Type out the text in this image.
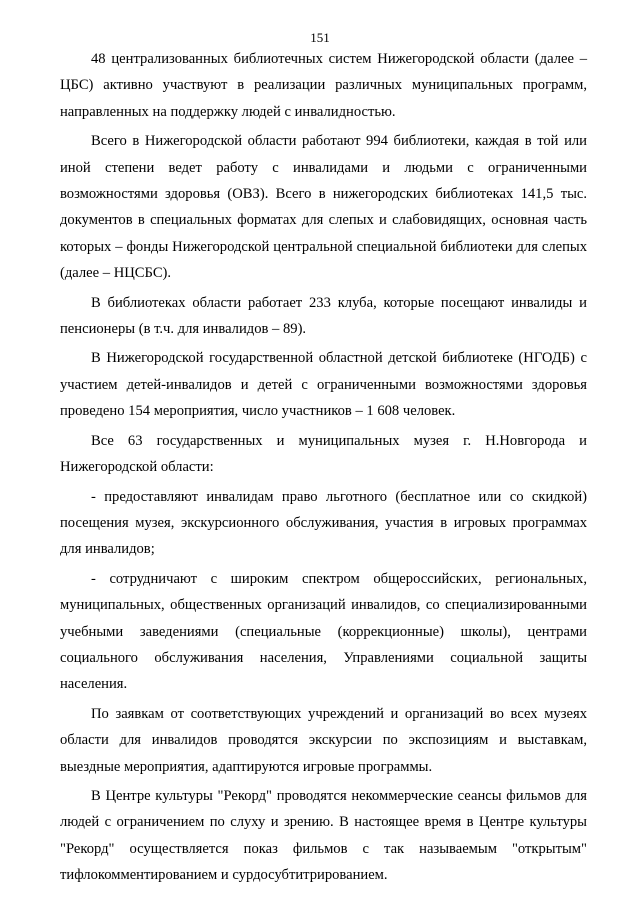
151

48 централизованных библиотечных систем Нижегородской области (далее – ЦБС) активно участвуют в реализации различных муниципальных программ, направленных на поддержку людей с инвалидностью.

Всего в Нижегородской области работают 994 библиотеки, каждая в той или иной степени ведет работу с инвалидами и людьми с ограниченными возможностями здоровья (ОВЗ). Всего в нижегородских библиотеках 141,5 тыс. документов в специальных форматах для слепых и слабовидящих, основная часть которых – фонды Нижегородской центральной специальной библиотеки для слепых (далее – НЦСБС).

В библиотеках области работает 233 клуба, которые посещают инвалиды и пенсионеры (в т.ч. для инвалидов – 89).

В Нижегородской государственной областной детской библиотеке (НГОДБ) с участием детей-инвалидов и детей с ограниченными возможностями здоровья проведено 154 мероприятия, число участников – 1 608 человек.

Все 63 государственных и муниципальных музея г. Н.Новгорода и Нижегородской области:

- предоставляют инвалидам право льготного (бесплатное или со скидкой) посещения музея, экскурсионного обслуживания, участия в игровых программах для инвалидов;

- сотрудничают с широким спектром общероссийских, региональных, муниципальных, общественных организаций инвалидов, со специализированными учебными заведениями (специальные (коррекционные) школы), центрами социального обслуживания населения, Управлениями социальной защиты населения.

По заявкам от соответствующих учреждений и организаций во всех музеях области для инвалидов проводятся экскурсии по экспозициям и выставкам, выездные мероприятия, адаптируются игровые программы.

В Центре культуры "Рекорд" проводятся некоммерческие сеансы фильмов для людей с ограничением по слуху и зрению. В настоящее время в Центре культуры "Рекорд" осуществляется показ фильмов с так называемым "открытым" тифлокомментированием и сурдосубтитрированием.
